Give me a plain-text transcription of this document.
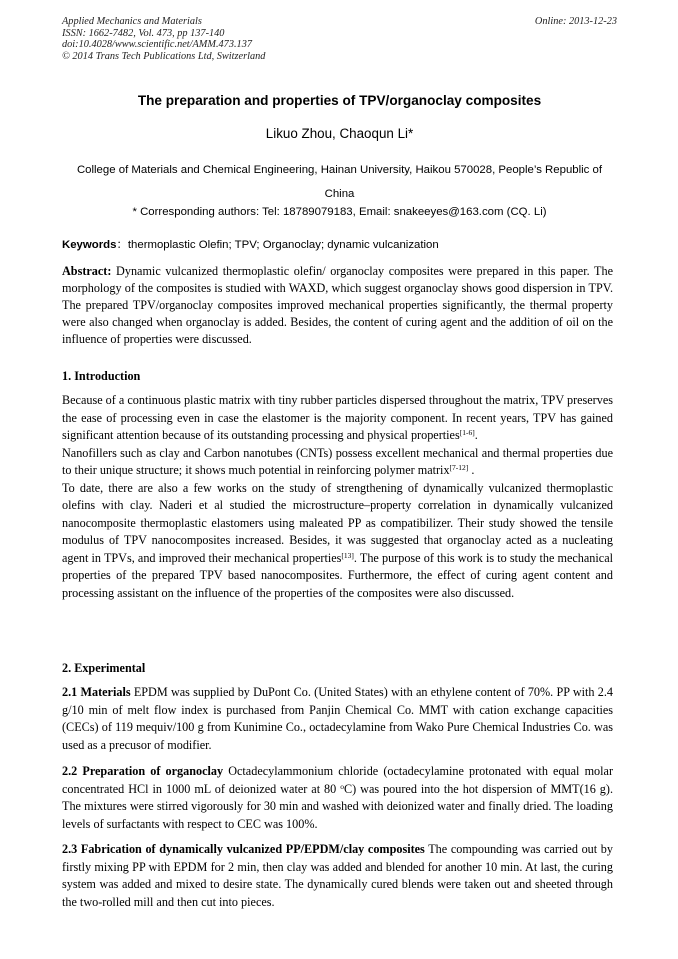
Applied Mechanics and Materials
ISSN: 1662-7482, Vol. 473, pp 137-140
doi:10.4028/www.scientific.net/AMM.473.137
© 2014 Trans Tech Publications Ltd, Switzerland
Online: 2013-12-23
The preparation and properties of TPV/organoclay composites
Likuo Zhou, Chaoqun Li*
College of Materials and Chemical Engineering, Hainan University, Haikou 570028, People’s Republic of China
* Corresponding authors: Tel: 18789079183, Email: snakeeyes@163.com (CQ. Li)
Keywords：thermoplastic Olefin; TPV; Organoclay; dynamic vulcanization
Abstract: Dynamic vulcanized thermoplastic olefin/ organoclay composites were prepared in this paper. The morphology of the composites is studied with WAXD, which suggest organoclay shows good dispersion in TPV. The prepared TPV/organoclay composites improved mechanical properties significantly, the thermal property were also changed when organoclay is added. Besides, the content of curing agent and the addition of oil on the influence of properties were discussed.
1. Introduction

Because of a continuous plastic matrix with tiny rubber particles dispersed throughout the matrix, TPV preserves the ease of processing even in case the elastomer is the majority component. In recent years, TPV has gained significant attention because of its outstanding processing and physical properties[1-6].

Nanofillers such as clay and Carbon nanotubes (CNTs) possess excellent mechanical and thermal properties due to their unique structure; it shows much potential in reinforcing polymer matrix[7-12] .

To date, there are also a few works on the study of strengthening of dynamically vulcanized thermoplastic olefins with clay. Naderi et al studied the microstructure–property correlation in dynamically vulcanized nanocomposite thermoplastic elastomers using maleated PP as compatibilizer. Their study showed the tensile modulus of TPV nanocomposites increased. Besides, it was suggested that organoclay acted as a nucleating agent in TPVs, and improved their mechanical properties[13]. The purpose of this work is to study the mechanical properties of the prepared TPV based nanocomposites. Furthermore, the effect of curing agent content and processing assistant on the influence of the properties of the composites were also discussed.

2. Experimental
2.1 Materials EPDM was supplied by DuPont Co. (United States) with an ethylene content of 70%. PP with 2.4 g/10 min of melt flow index is purchased from Panjin Chemical Co. MMT with cation exchange capacities (CECs) of 119 mequiv/100 g from Kunimine Co., octadecylamine from Wako Pure Chemical Industries Co. was used as a precusor of modifier.
2.2 Preparation of organoclay Octadecylammonium chloride (octadecylamine protonated with equal molar concentrated HCl in 1000 mL of deionized water at 80 $^o$C) was poured into the hot dispersion of MMT(16 g). The mixtures were stirred vigorously for 30 min and washed with deionized water and finally dried. The loading levels of surfactants with respect to CEC was 100%.
2.3 Fabrication of dynamically vulcanized PP/EPDM/clay composites The compounding was carried out by firstly mixing PP with EPDM for 2 min, then clay was added and blended for another 10 min. At last, the curing system was added and mixed to desire state. The dynamically cured blends were taken out and sheeted through the two-rolled mill and then cut into pieces.
